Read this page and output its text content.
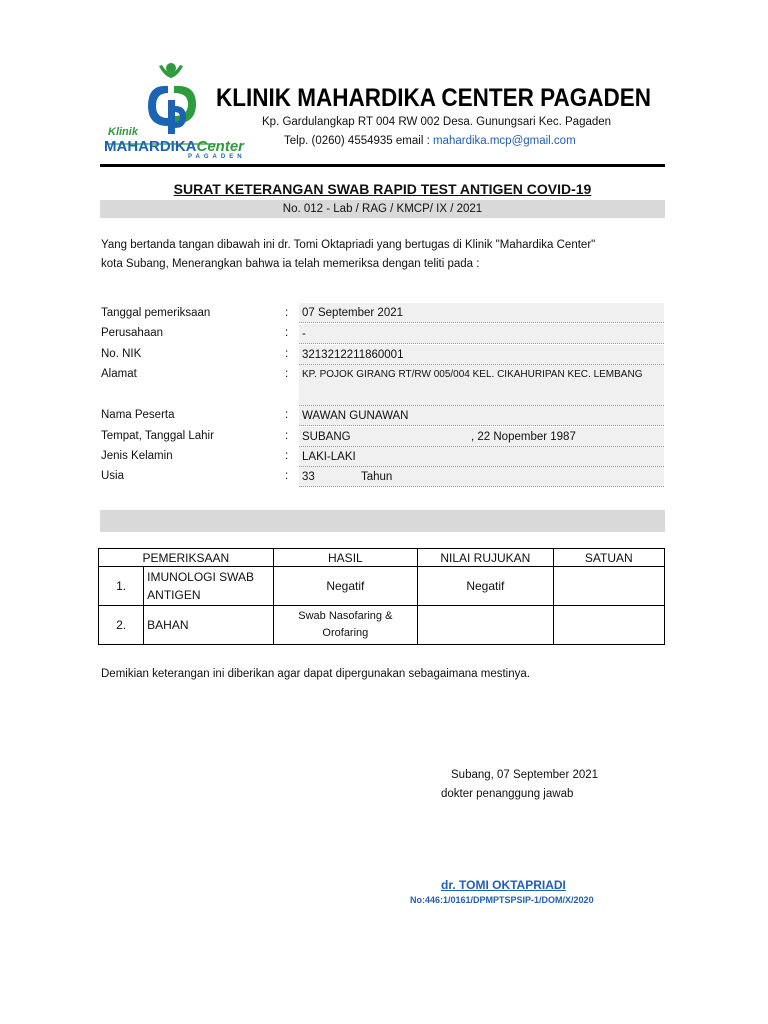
Klinik
MAHARDIKACenter
PAGADEN
KLINIK MAHARDIKA CENTER PAGADEN
Kp. Gardulangkap RT 004 RW 002 Desa. Gunungsari Kec. Pagaden
Telp. (0260) 4554935 email : mahardika.mcp@gmail.com
SURAT KETERANGAN SWAB RAPID TEST ANTIGEN COVID-19
No. 012 - Lab / RAG / KMCP/ IX / 2021
Yang bertanda tangan dibawah ini dr. Tomi Oktapriadi yang bertugas di Klinik "Mahardika Center"
kota Subang, Menerangkan bahwa ia telah memeriksa dengan teliti pada :
Tanggal pemeriksaan	: 07 September 2021
Perusahaan	: -
No. NIK	: 3213212211860001
Alamat	:	KP. POJOK GIRANG RT/RW 005/004 KEL. CIKAHURIPAN KEC. LEMBANG
Nama Peserta	: WAWAN GUNAWAN
Tempat, Tanggal Lahir	: SUBANG	, 22 Nopember 1987
Jenis Kelamin	: LAKI-LAKI
Usia	: 33	Tahun
PEMERIKSAAN		HASIL	NILAI RUJUKAN	SATUAN
1.	IMUNOLOGI SWAB ANTIGEN	Negatif	Negatif	
2.	BAHAN	Swab Nasofaring & Orofaring		
Demikian keterangan ini diberikan agar dapat dipergunakan sebagaimana mestinya.
Subang, 07 September 2021
dokter penanggung jawab
dr. TOMI OKTAPRIADI
No:446:1/0161/DPMPTSPSIP-1/DOM/X/2020
